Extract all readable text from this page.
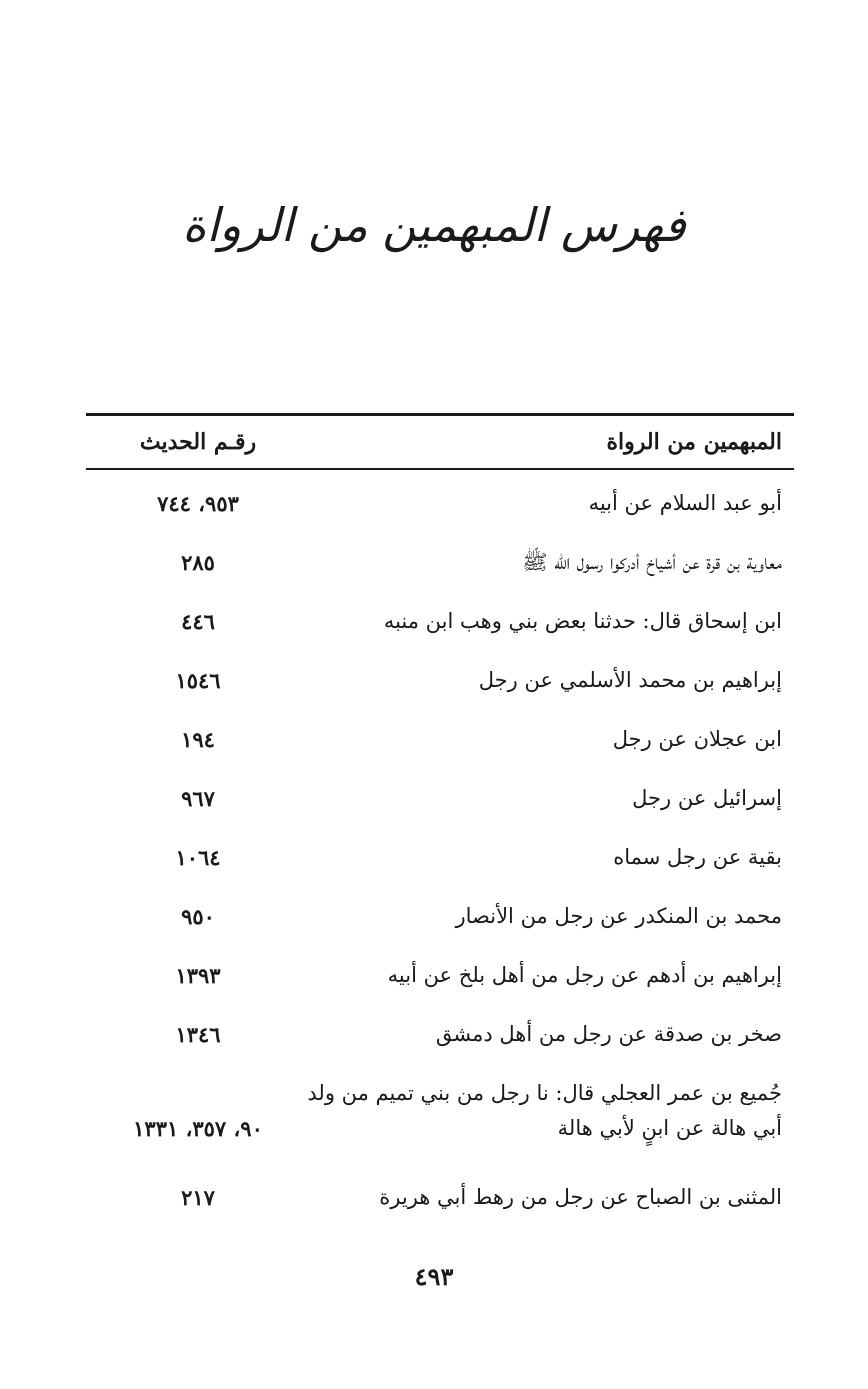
فهرس المبهمين من الرواة
المبهمين من الرواة
رقـم الحديث
أبو عبد السلام عن أبيه
٩٥٣، ٧٤٤
معاوية بن قرة عن أشياخ أدركوا رسول الله ﷺ
٢٨٥
ابن إسحاق قال: حدثنا بعض بني وهب ابن منبه
٤٤٦
إبراهيم بن محمد الأسلمي عن رجل
١٥٤٦
ابن عجلان عن رجل
١٩٤
إسرائيل عن رجل
٩٦٧
بقية عن رجل سماه
١٠٦٤
محمد بن المنكدر عن رجل من الأنصار
٩٥٠
إبراهيم بن أدهم عن رجل من أهل بلخ عن أبيه
١٣٩٣
صخر بن صدقة عن رجل من أهل دمشق
١٣٤٦
جُميع بن عمر العجلي قال: نا رجل من بني تميم من ولد أبي هالة عن ابنٍ لأبي هالة
٩٠، ٣٥٧، ١٣٣١
المثنى بن الصباح عن رجل من رهط أبي هريرة
٢١٧
٤٩٣
